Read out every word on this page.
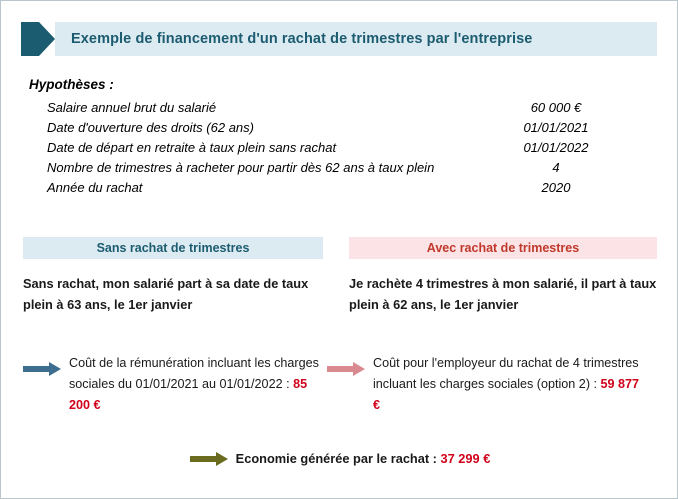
Exemple de financement d'un rachat de trimestres par l'entreprise
Hypothèses :
Salaire annuel brut du salarié	60 000 €
Date d'ouverture des droits (62 ans)	01/01/2021
Date de départ en retraite à taux plein sans rachat	01/01/2022
Nombre de trimestres à racheter pour partir dès 62 ans à taux plein	4
Année du rachat	2020
Sans rachat de trimestres	Avec rachat de trimestres
Sans rachat, mon salarié part à sa date de taux plein à 63 ans, le 1er janvier
Je rachète 4 trimestres à mon salarié, il part à taux plein à 62 ans, le 1er janvier
Coût de la rémunération incluant les charges sociales du 01/01/2021 au 01/01/2022 : 85 200 €
Coût pour l'employeur du rachat de 4 trimestres incluant les charges sociales (option 2) : 59 877 €
Economie générée par le rachat : 37 299 €
